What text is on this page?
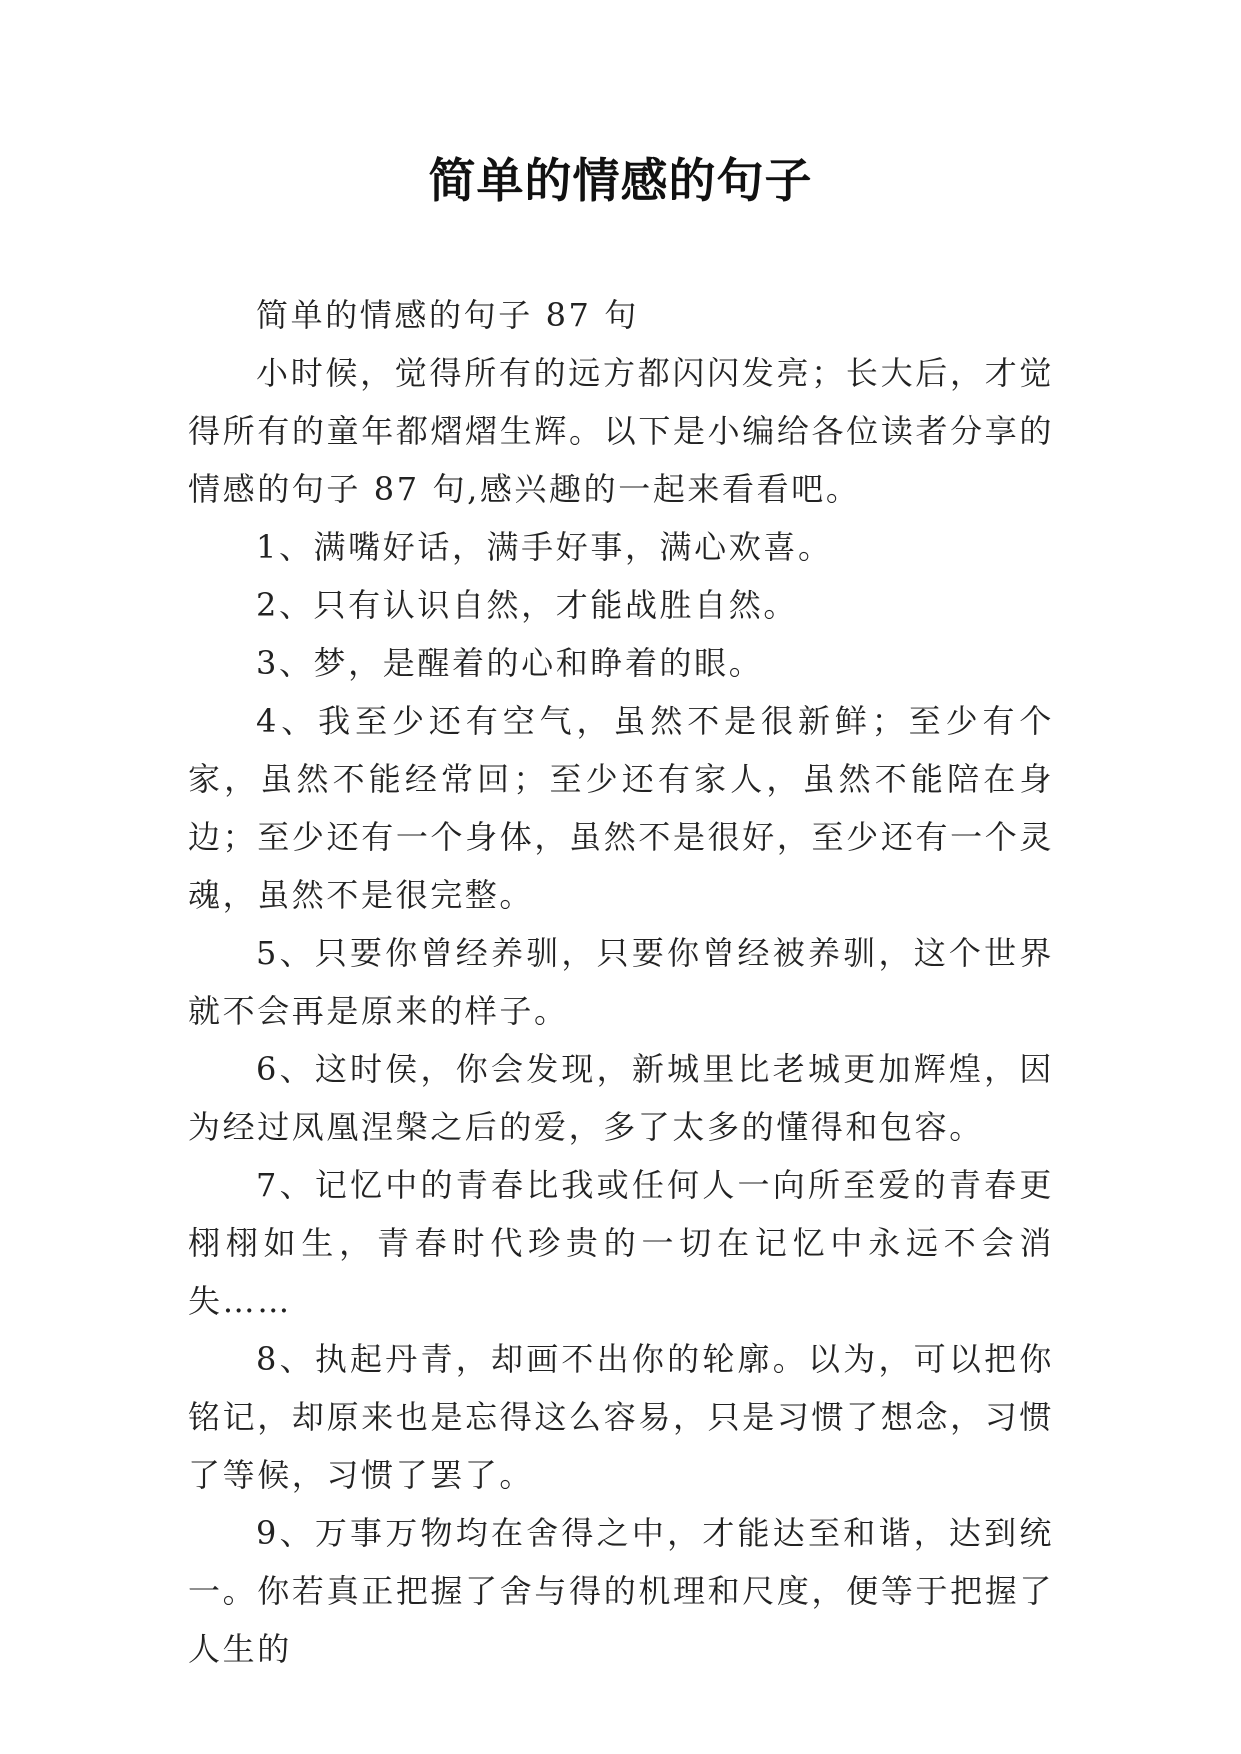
简单的情感的句子

简单的情感的句子 87 句

小时候，觉得所有的远方都闪闪发亮；长大后，才觉得所有的童年都熠熠生辉。以下是小编给各位读者分享的情感的句子 87 句,感兴趣的一起来看看吧。

1、满嘴好话，满手好事，满心欢喜。

2、只有认识自然，才能战胜自然。

3、梦，是醒着的心和睁着的眼。

4、我至少还有空气，虽然不是很新鲜；至少有个家，虽然不能经常回；至少还有家人，虽然不能陪在身边；至少还有一个身体，虽然不是很好，至少还有一个灵魂，虽然不是很完整。

5、只要你曾经养驯，只要你曾经被养驯，这个世界就不会再是原来的样子。

6、这时侯，你会发现，新城里比老城更加辉煌，因为经过凤凰涅槃之后的爱，多了太多的懂得和包容。

7、记忆中的青春比我或任何人一向所至爱的青春更栩栩如生，青春时代珍贵的一切在记忆中永远不会消失……

8、执起丹青，却画不出你的轮廓。以为，可以把你铭记，却原来也是忘得这么容易，只是习惯了想念，习惯了等候，习惯了罢了。

9、万事万物均在舍得之中，才能达至和谐，达到统一。你若真正把握了舍与得的机理和尺度，便等于把握了人生的
